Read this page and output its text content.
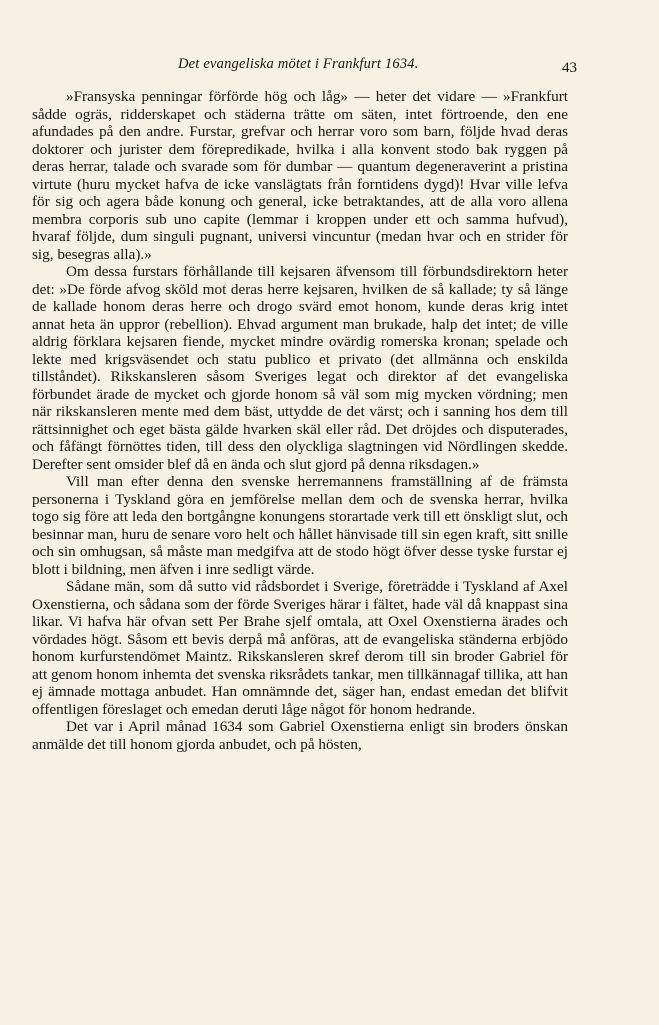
Det evangeliska mötet i Frankfurt 1634.	43

»Fransyska penningar förförde hög och låg» — heter det vidare — »Frankfurt sådde ogräs, ridderskapet och städerna trätte om säten, intet förtroende, den ene afundades på den andre. Furstar, grefvar och herrar voro som barn, följde hvad deras doktorer och jurister dem förepredikade, hvilka i alla konvent stodo bak ryggen på deras herrar, talade och svarade som för dumbar — quantum degeneraverint a pristina virtute (huru mycket hafva de icke vanslägtats från forntidens dygd)! Hvar ville lefva för sig och agera både konung och general, icke betraktandes, att de alla voro allena membra corporis sub uno capite (lemmar i kroppen under ett och samma hufvud), hvaraf följde, dum singuli pugnant, universi vincuntur (medan hvar och en strider för sig, besegras alla).»

Om dessa furstars förhållande till kejsaren äfvensom till förbundsdirektorn heter det: »De förde afvog sköld mot deras herre kejsaren, hvilken de så kallade; ty så länge de kallade honom deras herre och drogo svärd emot honom, kunde deras krig intet annat heta än uppror (rebellion). Ehvad argument man brukade, halp det intet; de ville aldrig förklara kejsaren fiende, mycket mindre ovärdig romerska kronan; spelade och lekte med krigsväsendet och statu publico et privato (det allmänna och enskilda tillståndet). Rikskansleren såsom Sveriges legat och direktor af det evangeliska förbundet ärade de mycket och gjorde honom så väl som mig mycken vördning; men när rikskansleren mente med dem bäst, uttydde de det värst; och i sanning hos dem till rättsinnighet och eget bästa gälde hvarken skäl eller råd. Det dröjdes och disputerades, och fåfängt förnöttes tiden, till dess den olyckliga slagtningen vid Nördlingen skedde. Derefter sent omsider blef då en ända och slut gjord på denna riksdagen.»

Vill man efter denna den svenske herremannens framställning af de främsta personerna i Tyskland göra en jemförelse mellan dem och de svenska herrar, hvilka togo sig före att leda den bortgångne konungens storartade verk till ett önskligt slut, och besinnar man, huru de senare voro helt och hållet hänvisade till sin egen kraft, sitt snille och sin omhugsan, så måste man medgifva att de stodo högt öfver desse tyske furstar ej blott i bildning, men äfven i inre sedligt värde.

Sådane män, som då sutto vid rådsbordet i Sverige, företrädde i Tyskland af Axel Oxenstierna, och sådana som der förde Sveriges härar i fältet, hade väl då knappast sina likar. Vi hafva här ofvan sett Per Brahe sjelf omtala, att Oxel Oxenstierna ärades och vördades högt. Såsom ett bevis derpå må anföras, att de evangeliska ständerna erbjödo honom kurfurstendömet Maintz. Rikskansleren skref derom till sin broder Gabriel för att genom honom inhemta det svenska riksrådets tankar, men tillkännagaf tillika, att han ej ämnade mottaga anbudet. Han omnämnde det, säger han, endast emedan det blifvit offentligen föreslaget och emedan deruti låge något för honom hedrande.

Det var i April månad 1634 som Gabriel Oxenstierna enligt sin broders önskan anmälde det till honom gjorda anbudet, och på hösten,
